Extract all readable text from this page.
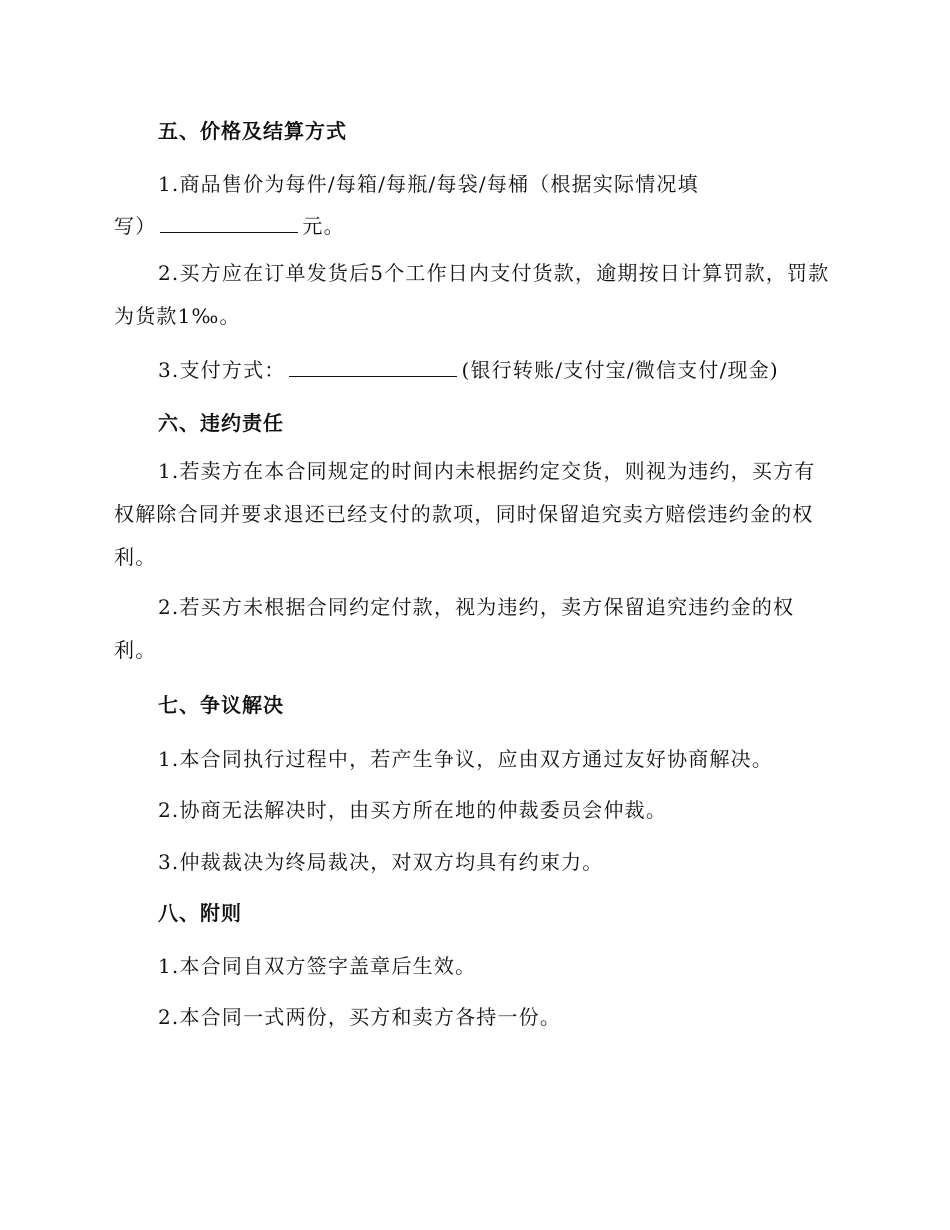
五、价格及结算方式
1.商品售价为每件/每箱/每瓶/每袋/每桶（根据实际情况填
写）	元。
2.买方应在订单发货后5个工作日内支付货款，逾期按日计算罚款，罚款为货款1‰。
3.支付方式：	(银行转账/支付宝/微信支付/现金)
六、违约责任
1.若卖方在本合同规定的时间内未根据约定交货，则视为违约，买方有权解除合同并要求退还已经支付的款项，同时保留追究卖方赔偿违约金的权利。
2.若买方未根据合同约定付款，视为违约，卖方保留追究违约金的权利。
七、争议解决
1.本合同执行过程中，若产生争议，应由双方通过友好协商解决。
2.协商无法解决时，由买方所在地的仲裁委员会仲裁。
3.仲裁裁决为终局裁决，对双方均具有约束力。
八、附则
1.本合同自双方签字盖章后生效。
2.本合同一式两份，买方和卖方各持一份。
